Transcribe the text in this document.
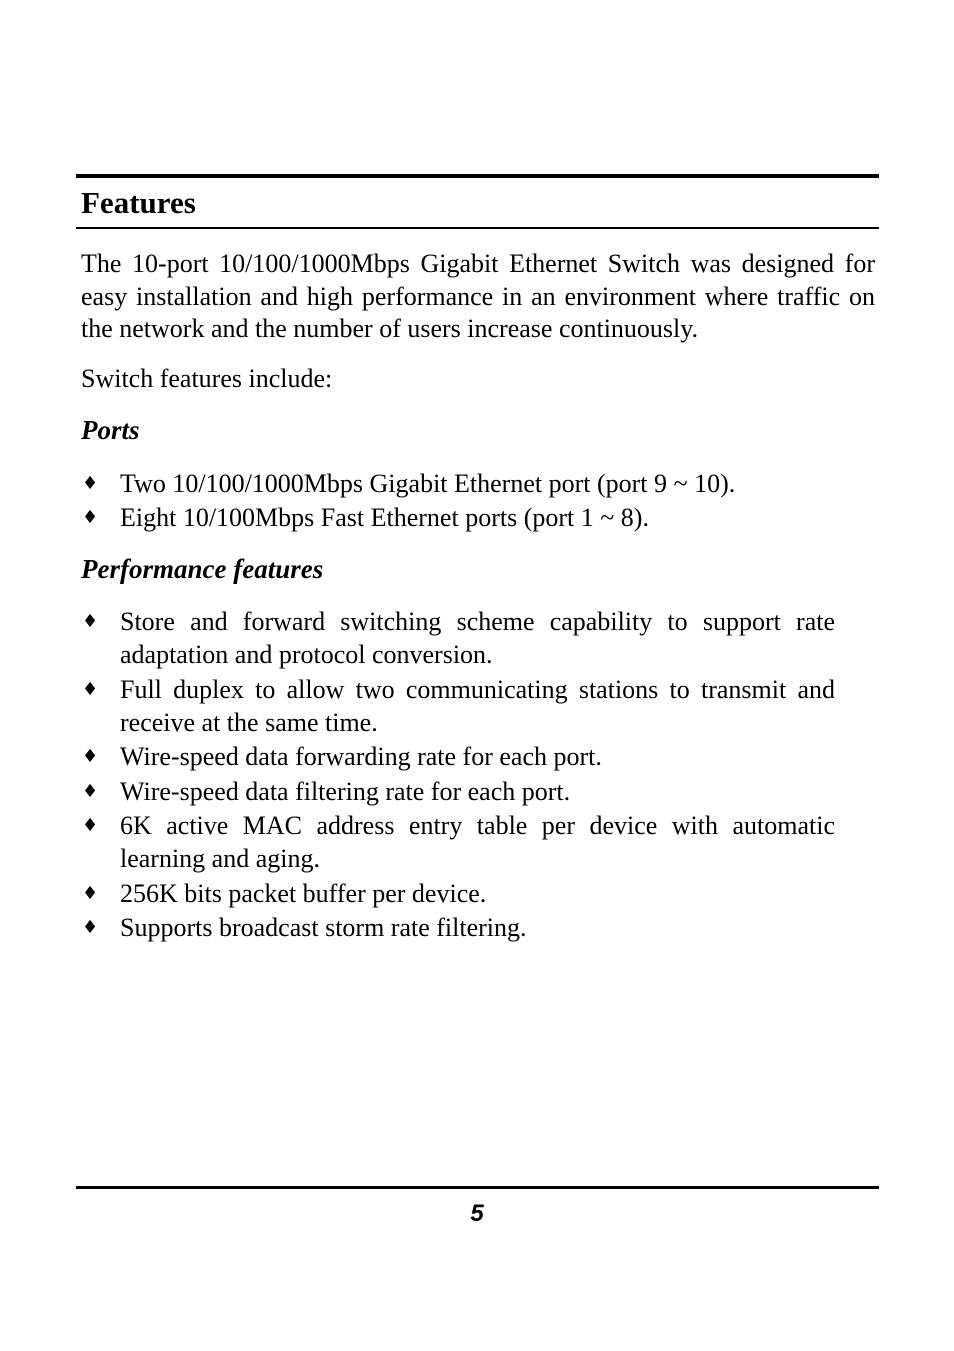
Features

The 10-port 10/100/1000Mbps Gigabit Ethernet Switch was designed for easy installation and high performance in an environment where traffic on the network and the number of users increase continuously.

Switch features include:

Ports
♦ Two 10/100/1000Mbps Gigabit Ethernet port (port 9 ~ 10).
♦ Eight 10/100Mbps Fast Ethernet ports (port 1 ~ 8).
Performance features
♦ Store and forward switching scheme capability to support rate adaptation and protocol conversion.
♦ Full duplex to allow two communicating stations to transmit and receive at the same time.
♦ Wire-speed data forwarding rate for each port.
♦ Wire-speed data filtering rate for each port.
♦ 6K active MAC address entry table per device with automatic learning and aging.
♦ 256K bits packet buffer per device.
♦ Supports broadcast storm rate filtering.
5
